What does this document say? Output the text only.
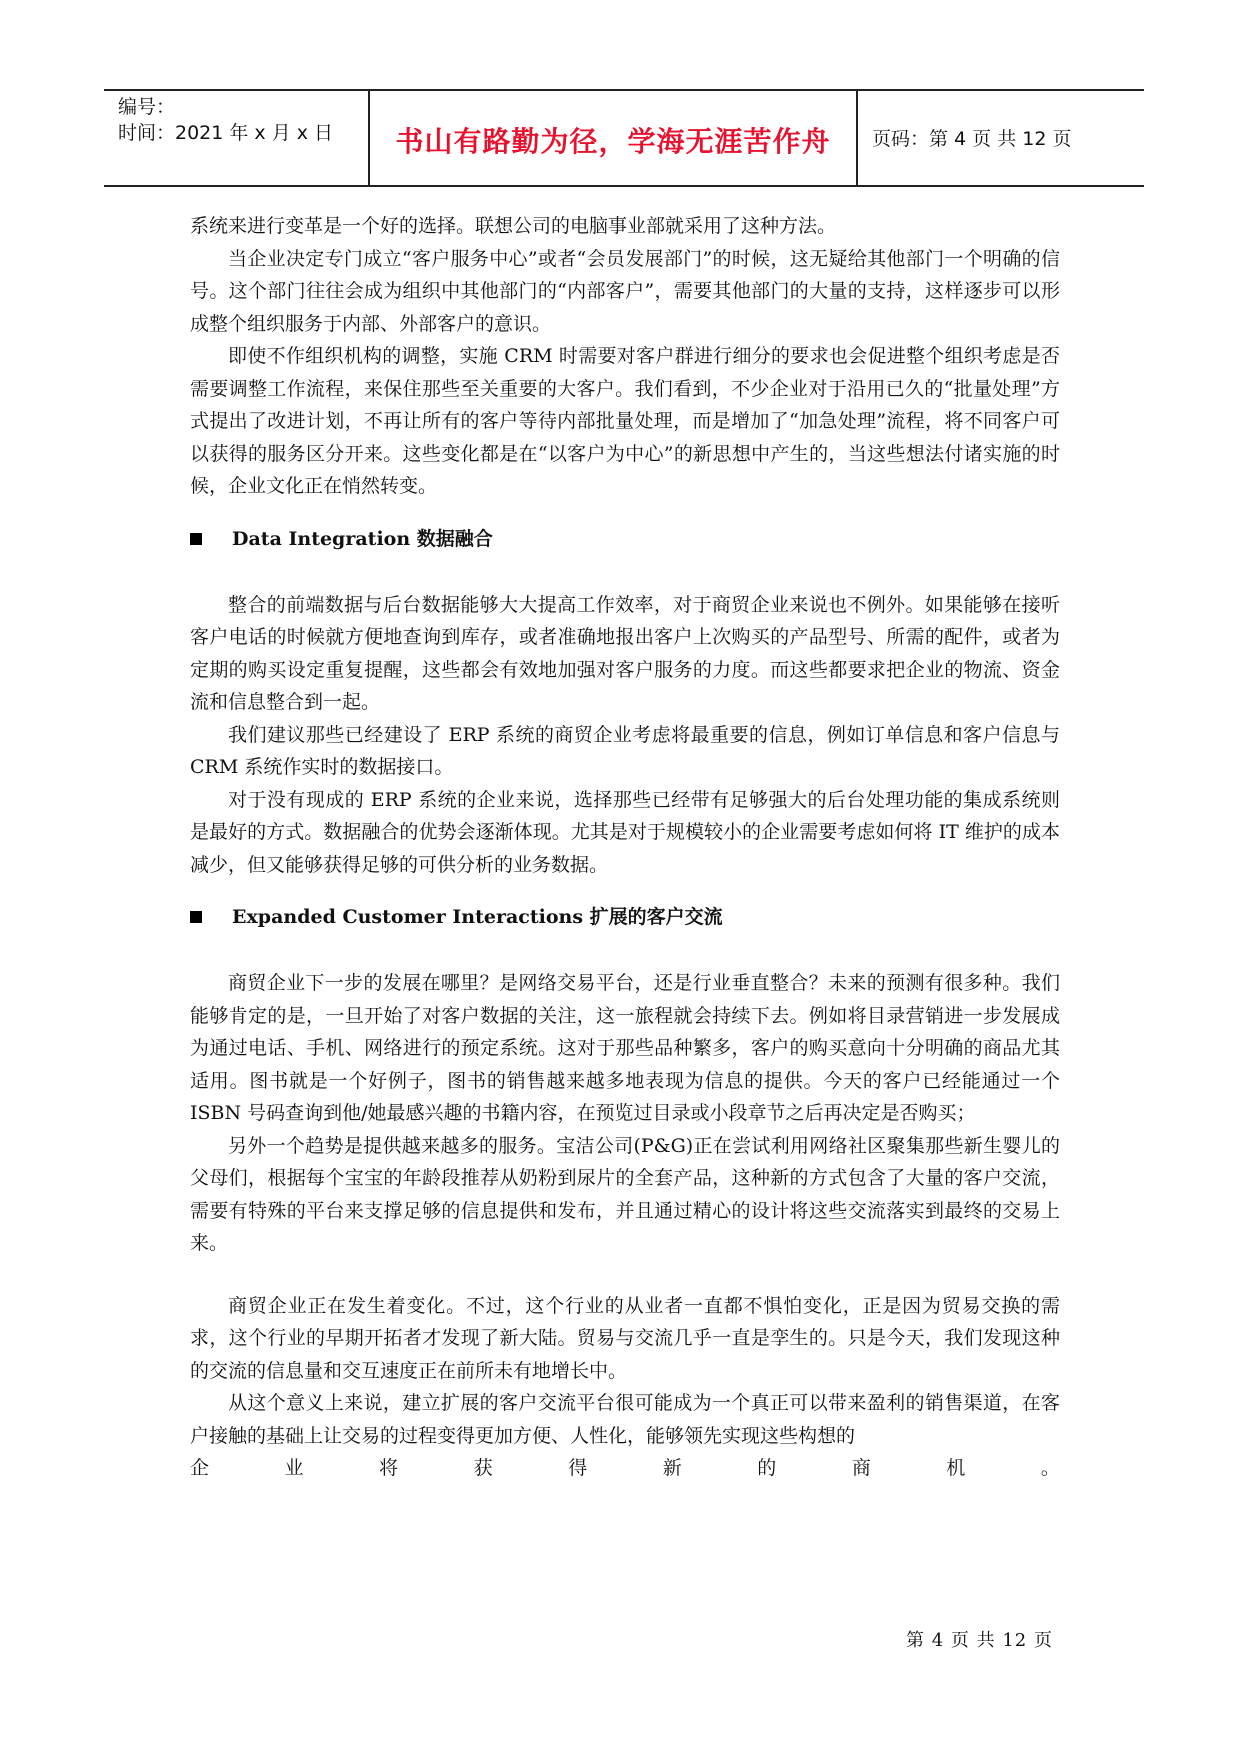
编号：
时间：2021 年 x 月 x 日	书山有路勤为径，学海无涯苦作舟	页码：第 4 页 共 12 页

系统来进行变革是一个好的选择。联想公司的电脑事业部就采用了这种方法。

当企业决定专门成立“客户服务中心”或者“会员发展部门”的时候，这无疑给其他部门一个明确的信号。这个部门往往会成为组织中其他部门的“内部客户”，需要其他部门的大量的支持，这样逐步可以形成整个组织服务于内部、外部客户的意识。

即使不作组织机构的调整，实施 CRM 时需要对客户群进行细分的要求也会促进整个组织考虑是否需要调整工作流程，来保住那些至关重要的大客户。我们看到，不少企业对于沿用已久的“批量处理”方式提出了改进计划，不再让所有的客户等待内部批量处理，而是增加了“加急处理”流程，将不同客户可以获得的服务区分开来。这些变化都是在“以客户为中心”的新思想中产生的，当这些想法付诸实施的时候，企业文化正在悄然转变。

Data Integration 数据融合

整合的前端数据与后台数据能够大大提高工作效率，对于商贸企业来说也不例外。如果能够在接听客户电话的时候就方便地查询到库存，或者准确地报出客户上次购买的产品型号、所需的配件，或者为定期的购买设定重复提醒，这些都会有效地加强对客户服务的力度。而这些都要求把企业的物流、资金流和信息整合到一起。

我们建议那些已经建设了 ERP 系统的商贸企业考虑将最重要的信息，例如订单信息和客户信息与 CRM 系统作实时的数据接口。

对于没有现成的 ERP 系统的企业来说，选择那些已经带有足够强大的后台处理功能的集成系统则是最好的方式。数据融合的优势会逐渐体现。尤其是对于规模较小的企业需要考虑如何将 IT 维护的成本减少，但又能够获得足够的可供分析的业务数据。

Expanded Customer Interactions 扩展的客户交流

商贸企业下一步的发展在哪里？是网络交易平台，还是行业垂直整合？未来的预测有很多种。我们能够肯定的是，一旦开始了对客户数据的关注，这一旅程就会持续下去。例如将目录营销进一步发展成为通过电话、手机、网络进行的预定系统。这对于那些品种繁多，客户的购买意向十分明确的商品尤其适用。图书就是一个好例子，图书的销售越来越多地表现为信息的提供。今天的客户已经能通过一个 ISBN 号码查询到他/她最感兴趣的书籍内容，在预览过目录或小段章节之后再决定是否购买；

另外一个趋势是提供越来越多的服务。宝洁公司(P&G)正在尝试利用网络社区聚集那些新生婴儿的父母们，根据每个宝宝的年龄段推荐从奶粉到尿片的全套产品，这种新的方式包含了大量的客户交流，需要有特殊的平台来支撑足够的信息提供和发布，并且通过精心的设计将这些交流落实到最终的交易上来。

商贸企业正在发生着变化。不过，这个行业的从业者一直都不惧怕变化，正是因为贸易交换的需求，这个行业的早期开拓者才发现了新大陆。贸易与交流几乎一直是孪生的。只是今天，我们发现这种的交流的信息量和交互速度正在前所未有地增长中。

从这个意义上来说，建立扩展的客户交流平台很可能成为一个真正可以带来盈利的销售渠道，在客户接触的基础上让交易的过程变得更加方便、人性化，能够领先实现这些构想的

企	业	将	获	得	新	的	商	机	。
第 4 页 共 12 页
